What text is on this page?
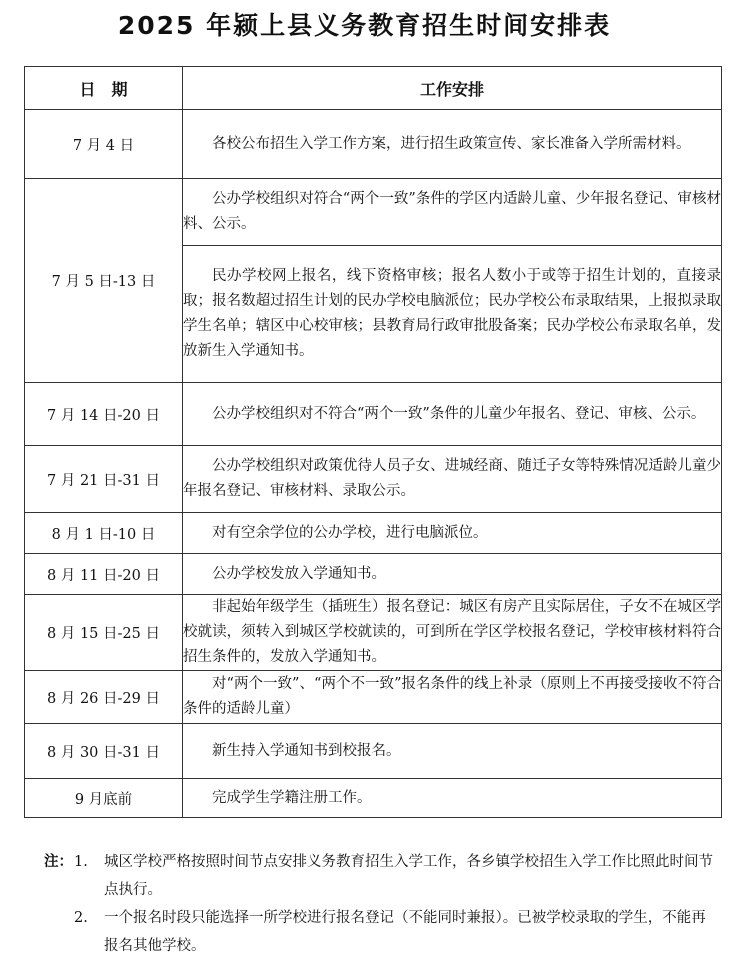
2025 年颍上县义务教育招生时间安排表
日　期	工作安排
7 月 4 日	各校公布招生入学工作方案，进行招生政策宣传、家长准备入学所需材料。
7 月 5 日-13 日	公办学校组织对符合“两个一致”条件的学区内适龄儿童、少年报名登记、审核材料、公示。
	民办学校网上报名，线下资格审核；报名人数小于或等于招生计划的，直接录取；报名数超过招生计划的民办学校电脑派位；民办学校公布录取结果，上报拟录取学生名单；辖区中心校审核；县教育局行政审批股备案；民办学校公布录取名单，发放新生入学通知书。
7 月 14 日-20 日	公办学校组织对不符合“两个一致”条件的儿童少年报名、登记、审核、公示。
7 月 21 日-31 日	公办学校组织对政策优待人员子女、进城经商、随迁子女等特殊情况适龄儿童少年报名登记、审核材料、录取公示。
8 月 1 日-10 日	对有空余学位的公办学校，进行电脑派位。
8 月 11 日-20 日	公办学校发放入学通知书。
8 月 15 日-25 日	非起始年级学生（插班生）报名登记：城区有房产且实际居住，子女不在城区学校就读，须转入到城区学校就读的，可到所在学区学校报名登记，学校审核材料符合招生条件的，发放入学通知书。
8 月 26 日-29 日	对“两个一致”、“两个不一致”报名条件的线上补录（原则上不再接受接收不符合条件的适龄儿童）
8 月 30 日-31 日	新生持入学通知书到校报名。
9 月底前	完成学生学籍注册工作。
注： 1. 城区学校严格按照时间节点安排义务教育招生入学工作，各乡镇学校招生入学工作比照此时间节点执行。
2. 一个报名时段只能选择一所学校进行报名登记（不能同时兼报）。已被学校录取的学生，不能再报名其他学校。
